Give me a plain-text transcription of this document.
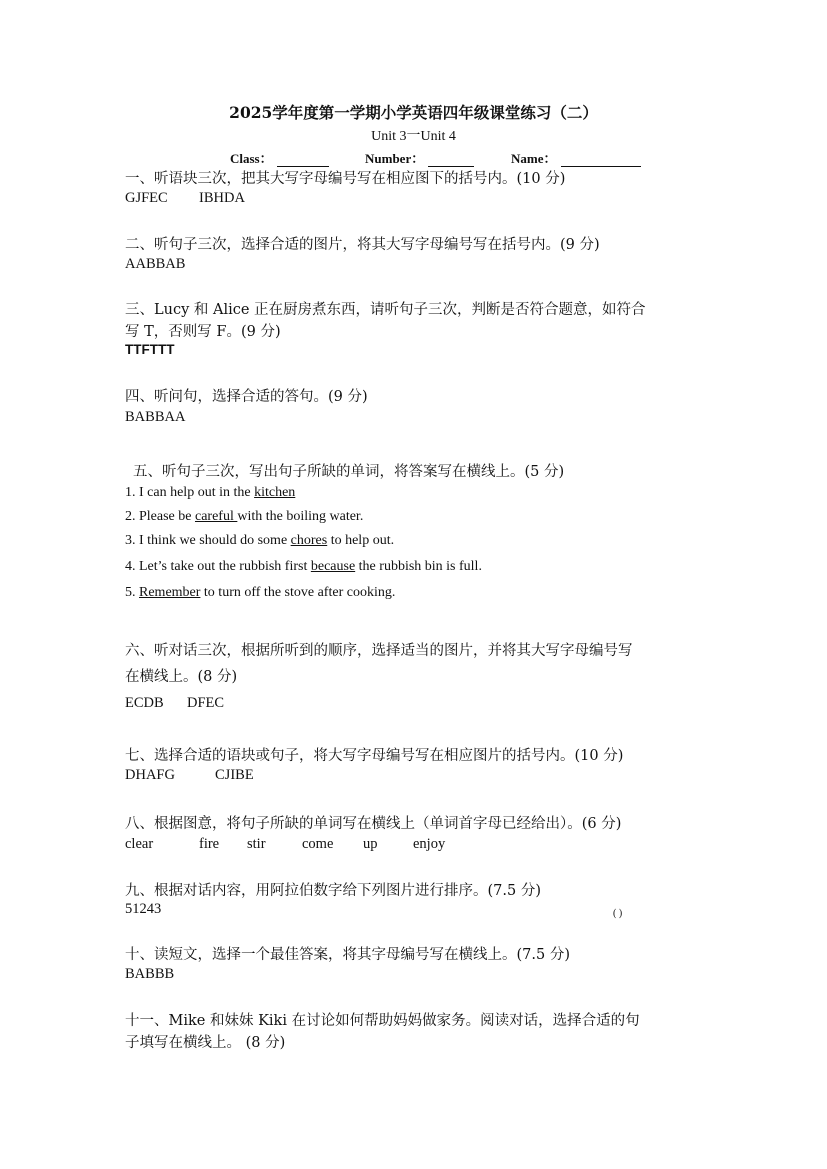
2025学年度第一学期小学英语四年级课堂练习（二）
Unit 3一Unit 4
Class：	Number：	Name：
一、听语块三次，把其大写字母编号写在相应图下的括号内。(10 分)
GJFEC IBHDA
二、听句子三次，选择合适的图片，将其大写字母编号写在括号内。(9 分)
AABBAB
三、Lucy 和 Alice 正在厨房煮东西，请听句子三次，判断是否符合题意，如符合
写 T，否则写 F。(9 分)
TTFTTT
四、听问句，选择合适的答句。(9 分)
BABBAA
五、听句子三次，写出句子所缺的单词，将答案写在横线上。(5 分)
1. I can help out in the kitchen
2. Please be careful with the boiling water.
3. I think we should do some chores to help out.
4. Let’s take out the rubbish first because the rubbish bin is full.
5. Remember to turn off the stove after cooking.
六、听对话三次，根据所听到的顺序，选择适当的图片，并将其大写字母编号写
在横线上。(8 分)
ECDB DFEC
七、选择合适的语块或句子，将大写字母编号写在相应图片的括号内。(10 分)
DHAFG	CJIBE
八、根据图意，将句子所缺的单词写在横线上（单词首字母已经给出）。(6 分)
clear	fire stir	come up enjoy
九、根据对话内容，用阿拉伯数字给下列图片进行排序。(7.5 分)
51243	( )
十、读短文，选择一个最佳答案，将其字母编号写在横线上。(7.5 分)
BABBB
十一、Mike 和妹妹 Kiki 在讨论如何帮助妈妈做家务。阅读对话，选择合适的句
子填写在横线上。 (8 分)
